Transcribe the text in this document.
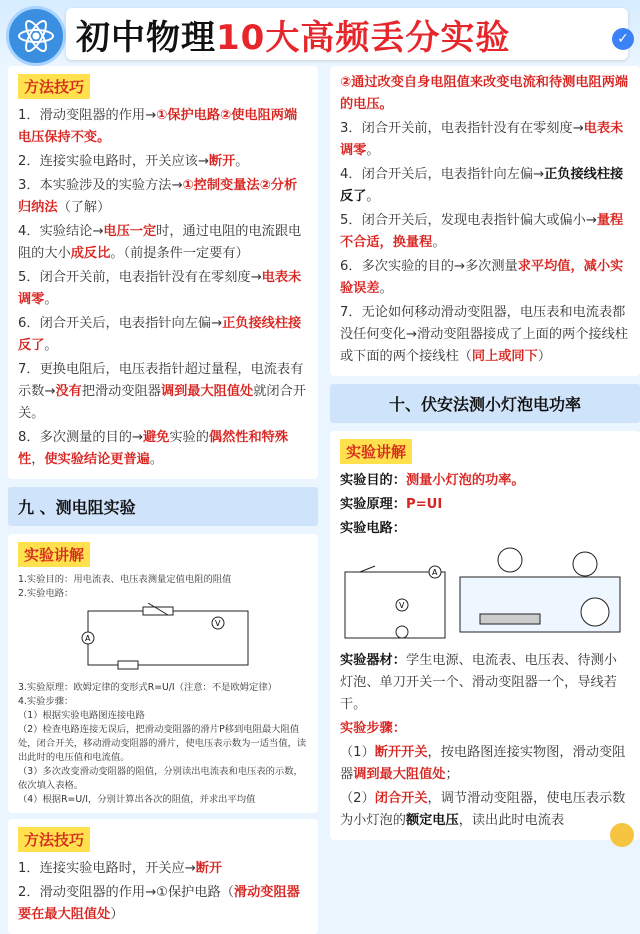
初中物理 10大高频丢分实验	✓
方法技巧
1．滑动变阻器的作用→①保护电路②使电阻两端电压保持不变。
2．连接实验电路时，开关应该→断开。
3．本实验涉及的实验方法→①控制变量法②分析归纳法（了解）
4．实验结论→电压一定时，通过电阻的电流跟电阻的大小成反比。（前提条件一定要有）
5．闭合开关前，电表指针没有在零刻度→电表未调零。
6．闭合开关后，电表指针向左偏→正负接线柱接反了。
7．更换电阻后，电压表指针超过量程，电流表有示数→没有把滑动变阻器调到最大阻值处就闭合开关。
8．多次测量的目的→避免实验的偶然性和特殊性，使实验结论更普遍。
九 、测电阻实验
实验讲解
1.实验目的：用电流表、电压表测量定值电阻的阻值
2.实验电路：
A
V
3.实验原理：欧姆定律的变形式R=U/I（注意：不是欧姆定律）
4.实验步骤：
（1）根据实验电路图连接电路
（2）检查电路连接无误后，把滑动变阻器的滑片P移到电阻最大阻值处，闭合开关，移动滑动变阻器的滑片，使电压表示数为一适当值，读出此时的电压值和电流值。
（3）多次改变滑动变阻器的阻值，分别读出电流表和电压表的示数，依次填入表格。
（4）根据R=U/I，分别计算出各次的阻值，并求出平均值
方法技巧
1．连接实验电路时，开关应→断开
2．滑动变阻器的作用→①保护电路（滑动变阻器要在最大阻值处）
②通过改变自身电阻值来改变电流和待测电阻两端的电压。
3．闭合开关前，电表指针没有在零刻度→电表未调零。
4．闭合开关后，电表指针向左偏→正负接线柱接反了。
5．闭合开关后，发现电表指针偏大或偏小→量程不合适，换量程。
6．多次实验的目的→多次测量求平均值，减小实验误差。
7．无论如何移动滑动变阻器，电压表和电流表都没任何变化→滑动变阻器接成了上面的两个接线柱或下面的两个接线柱（同上或同下）
十、伏安法测小灯泡电功率
实验讲解
实验目的：测量小灯泡的功率。
实验原理：P=UI
实验电路：
V
A
实验器材：学生电源、电流表、电压表、待测小灯泡、单刀开关一个、滑动变阻器一个，导线若干。
实验步骤：
（1）断开开关，按电路图连接实物图，滑动变阻器调到最大阻值处；
（2）闭合开关，调节滑动变阻器，使电压表示数为小灯泡的额定电压，读出此时电流表
